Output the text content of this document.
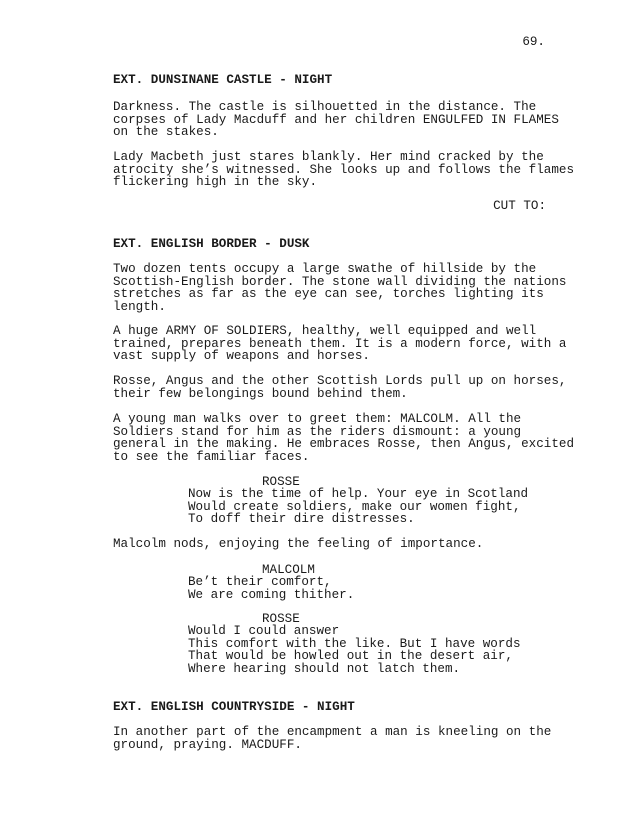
69.
EXT. DUNSINANE CASTLE - NIGHT
Darkness. The castle is silhouetted in the distance. The
corpses of Lady Macduff and her children ENGULFED IN FLAMES
on the stakes.
Lady Macbeth just stares blankly. Her mind cracked by the
atrocity she’s witnessed. She looks up and follows the flames
flickering high in the sky.
CUT TO:
EXT. ENGLISH BORDER - DUSK
Two dozen tents occupy a large swathe of hillside by the
Scottish-English border. The stone wall dividing the nations
stretches as far as the eye can see, torches lighting its
length.
A huge ARMY OF SOLDIERS, healthy, well equipped and well
trained, prepares beneath them. It is a modern force, with a
vast supply of weapons and horses.
Rosse, Angus and the other Scottish Lords pull up on horses,
their few belongings bound behind them.
A young man walks over to greet them: MALCOLM. All the
Soldiers stand for him as the riders dismount: a young
general in the making. He embraces Rosse, then Angus, excited
to see the familiar faces.
ROSSE
Now is the time of help. Your eye in Scotland
Would create soldiers, make our women fight,
To doff their dire distresses.
Malcolm nods, enjoying the feeling of importance.
MALCOLM
Be’t their comfort,
We are coming thither.
ROSSE
Would I could answer
This comfort with the like. But I have words
That would be howled out in the desert air,
Where hearing should not latch them.
EXT. ENGLISH COUNTRYSIDE - NIGHT
In another part of the encampment a man is kneeling on the
ground, praying. MACDUFF.
